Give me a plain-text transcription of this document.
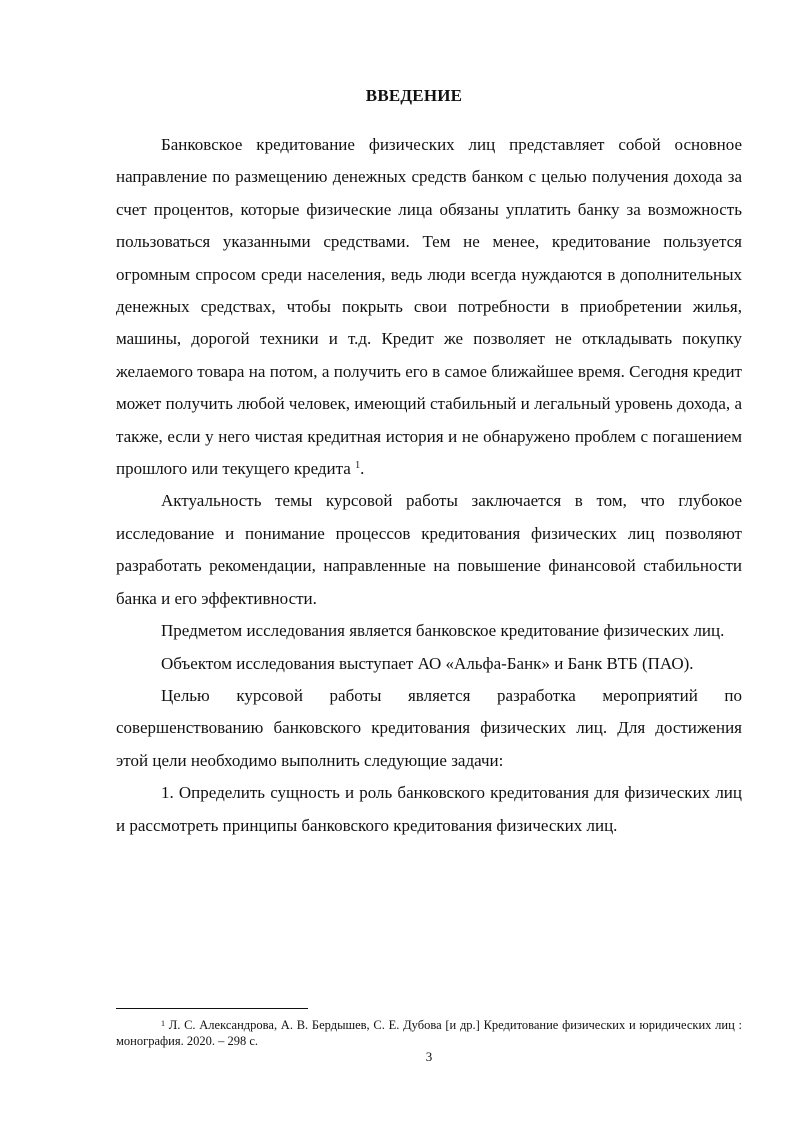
ВВЕДЕНИЕ

Банковское кредитование физических лиц представляет собой основное направление по размещению денежных средств банком с целью получения дохода за счет процентов, которые физические лица обязаны уплатить банку за возможность пользоваться указанными средствами. Тем не менее, кредитование пользуется огромным спросом среди населения, ведь люди всегда нуждаются в дополнительных денежных средствах, чтобы покрыть свои потребности в приобретении жилья, машины, дорогой техники и т.д. Кредит же позволяет не откладывать покупку желаемого товара на потом, а получить его в самое ближайшее время. Сегодня кредит может получить любой человек, имеющий стабильный и легальный уровень дохода, а также, если у него чистая кредитная история и не обнаружено проблем с погашением прошлого или текущего кредита $^1$.

Актуальность темы курсовой работы заключается в том, что глубокое исследование и понимание процессов кредитования физических лиц позволяют разработать рекомендации, направленные на повышение финансовой стабильности банка и его эффективности.

Предметом исследования является банковское кредитование физических лиц.

Объектом исследования выступает АО «Альфа-Банк» и Банк ВТБ (ПАО).

Целью курсовой работы является разработка мероприятий по совершенствованию банковского кредитования физических лиц. Для достижения этой цели необходимо выполнить следующие задачи:

1. Определить сущность и роль банковского кредитования для физических лиц и рассмотреть принципы банковского кредитования физических лиц.

$^1$ Л. С. Александрова, А. В. Бердышев, С. Е. Дубова [и др.] Кредитование физических и юридических лиц : монография. 2020. – 298 с.

3
